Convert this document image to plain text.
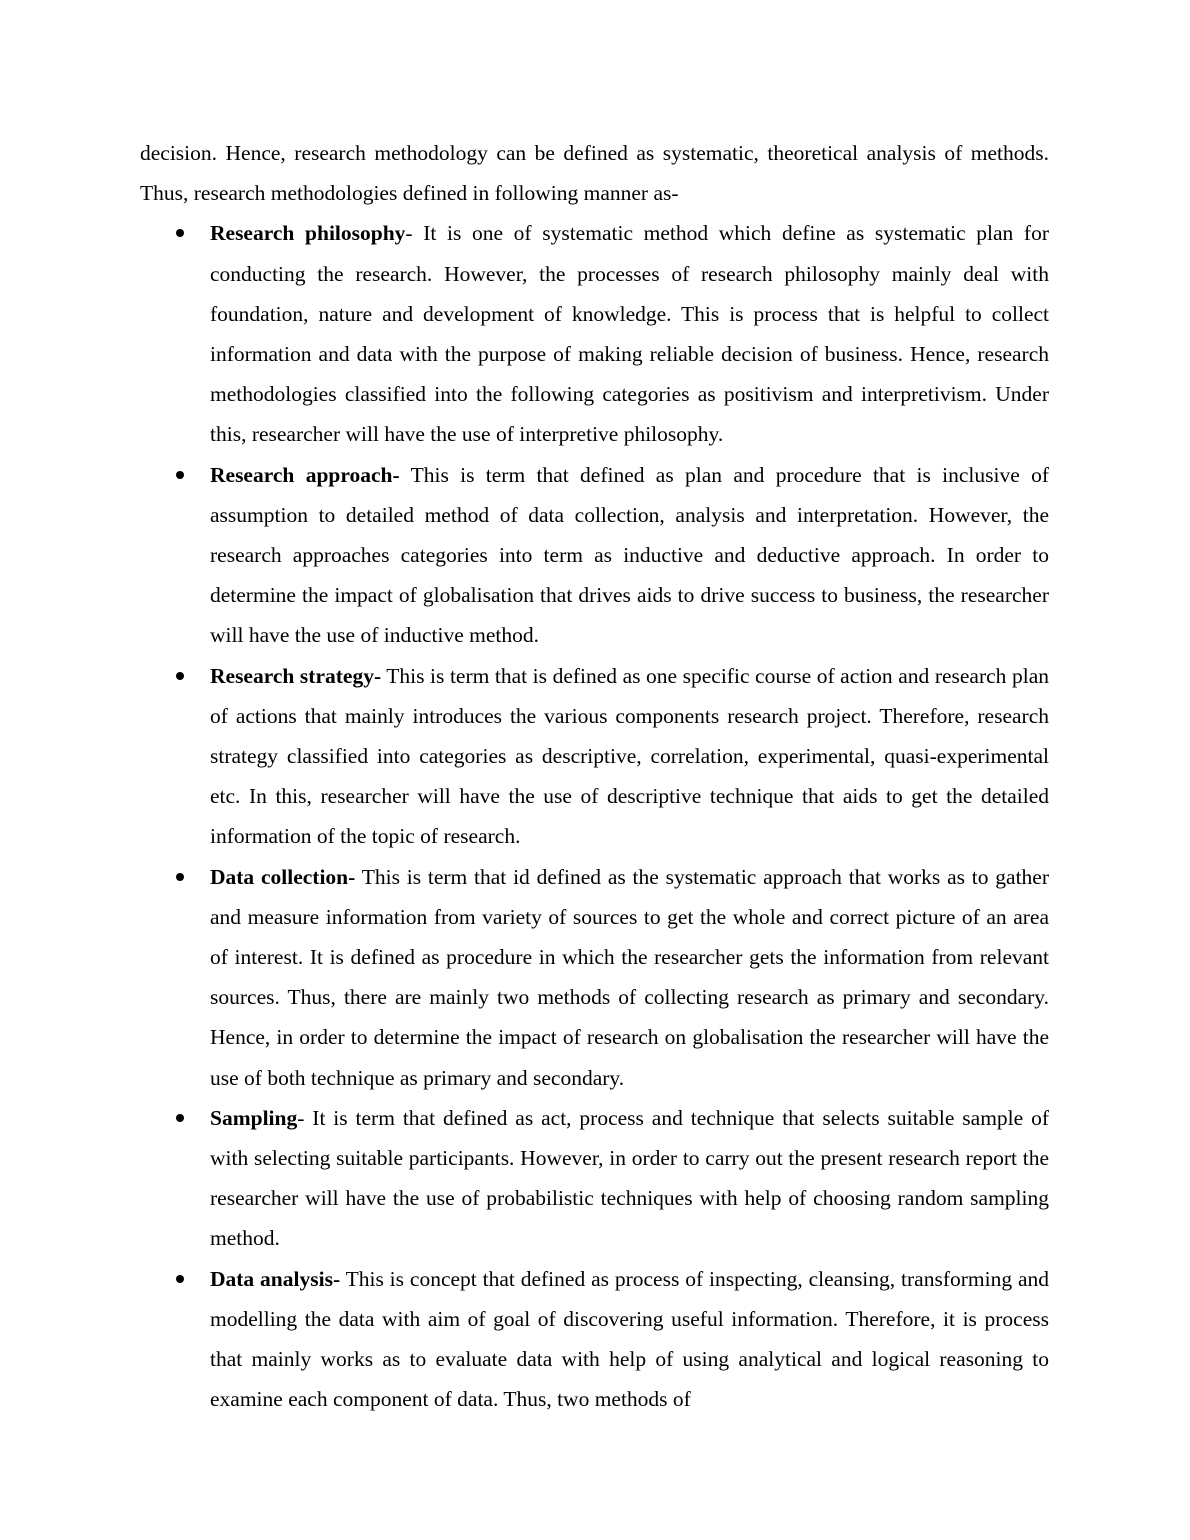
decision. Hence, research methodology can be defined as systematic, theoretical analysis of methods. Thus, research methodologies defined in following manner as-

Research philosophy- It is one of systematic method which define as systematic plan for conducting the research. However, the processes of research philosophy mainly deal with foundation, nature and development of knowledge. This is process that is helpful to collect information and data with the purpose of making reliable decision of business. Hence, research methodologies classified into the following categories as positivism and interpretivism. Under this, researcher will have the use of interpretive philosophy.
Research approach- This is term that defined as plan and procedure that is inclusive of assumption to detailed method of data collection, analysis and interpretation. However, the research approaches categories into term as inductive and deductive approach. In order to determine the impact of globalisation that drives aids to drive success to business, the researcher will have the use of inductive method.
Research strategy- This is term that is defined as one specific course of action and research plan of actions that mainly introduces the various components research project. Therefore, research strategy classified into categories as descriptive, correlation, experimental, quasi-experimental etc. In this, researcher will have the use of descriptive technique that aids to get the detailed information of the topic of research.
Data collection- This is term that id defined as the systematic approach that works as to gather and measure information from variety of sources to get the whole and correct picture of an area of interest. It is defined as procedure in which the researcher gets the information from relevant sources. Thus, there are mainly two methods of collecting research as primary and secondary. Hence, in order to determine the impact of research on globalisation the researcher will have the use of both technique as primary and secondary.
Sampling- It is term that defined as act, process and technique that selects suitable sample of with selecting suitable participants. However, in order to carry out the present research report the researcher will have the use of probabilistic techniques with help of choosing random sampling method.
Data analysis- This is concept that defined as process of inspecting, cleansing, transforming and modelling the data with aim of goal of discovering useful information. Therefore, it is process that mainly works as to evaluate data with help of using analytical and logical reasoning to examine each component of data. Thus, two methods of
